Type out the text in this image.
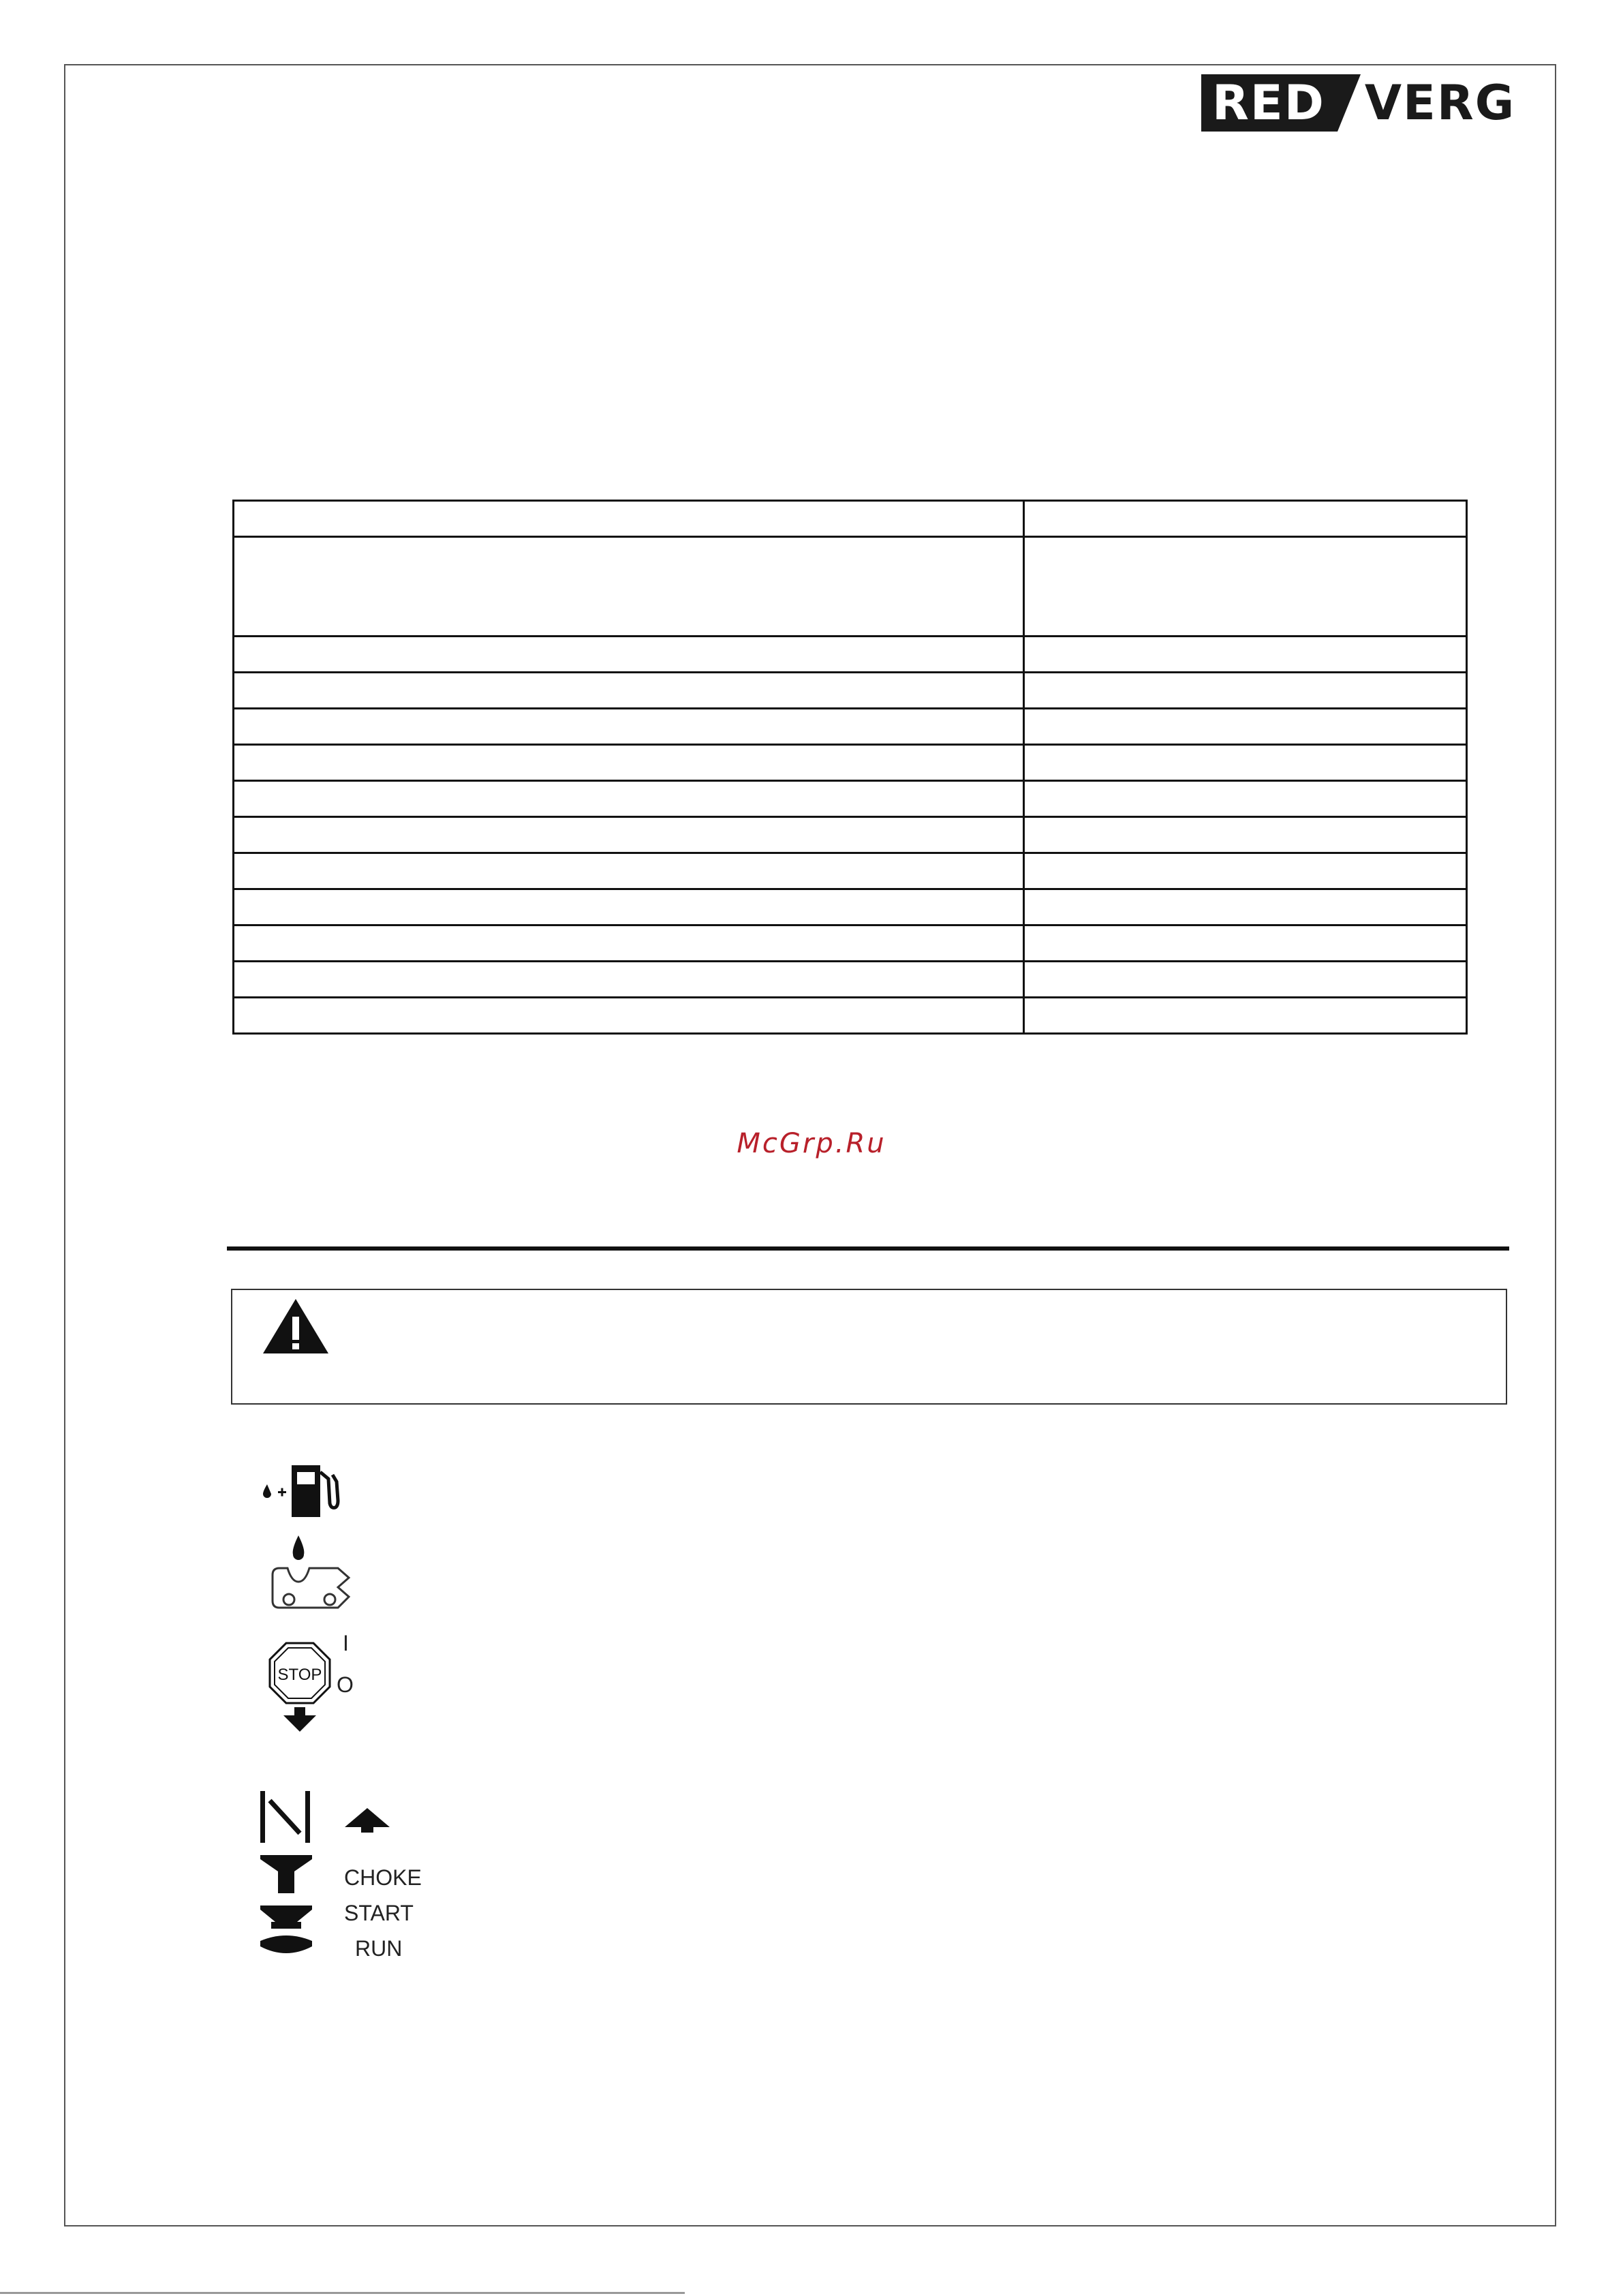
RED VERG

McGrp.Ru
STOP
I
O
CHOKE
START
RUN
